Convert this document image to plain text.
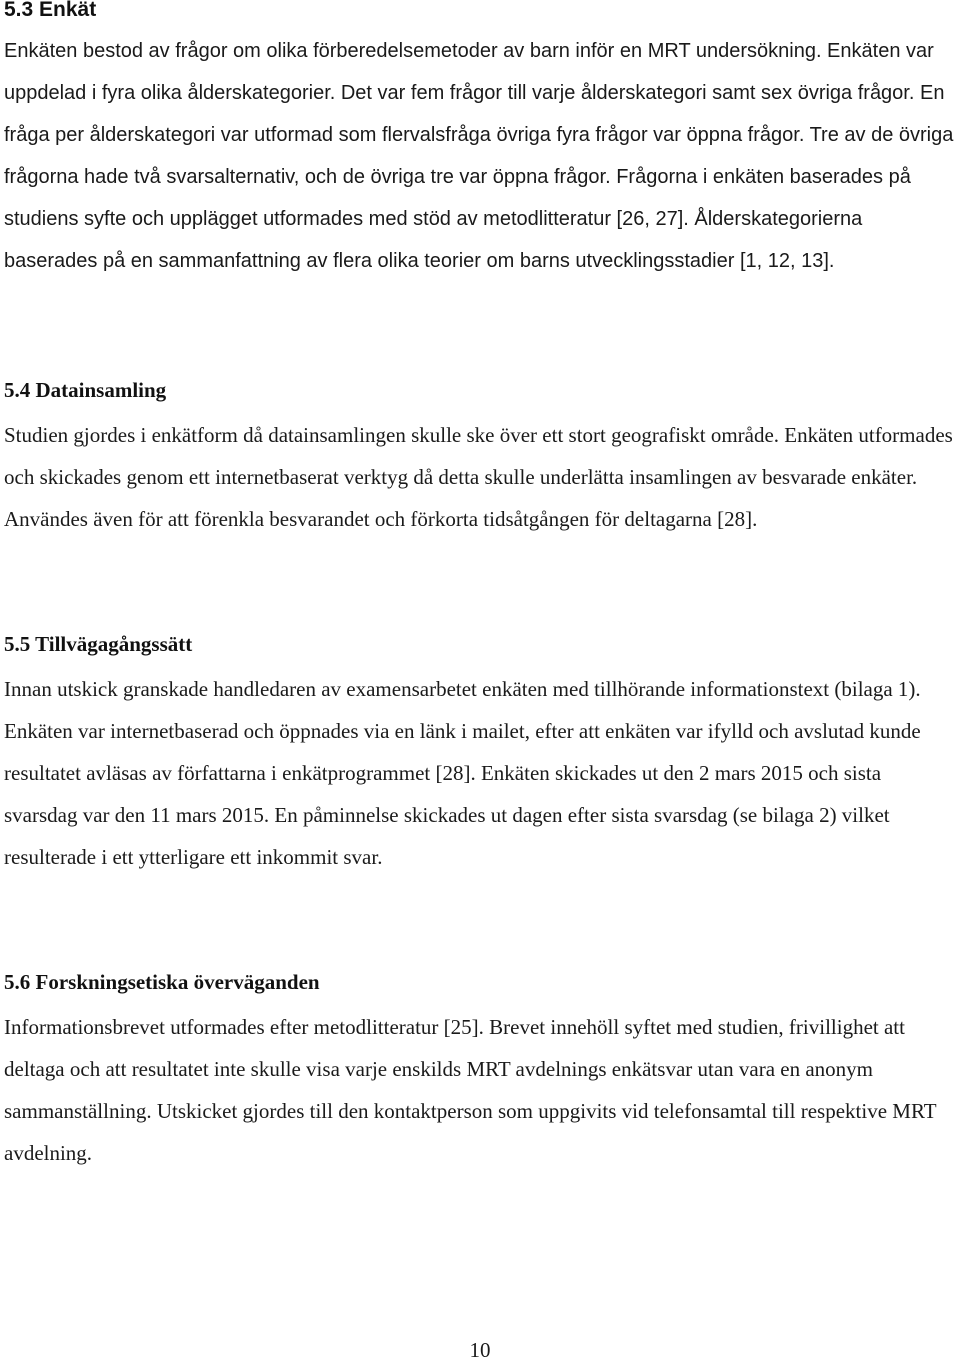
5.3 Enkät

Enkäten bestod av frågor om olika förberedelsemetoder av barn inför en MRT undersökning. Enkäten var uppdelad i fyra olika ålderskategorier. Det var fem frågor till varje ålderskategori samt sex övriga frågor. En fråga per ålderskategori var utformad som flervalsfråga övriga fyra frågor var öppna frågor. Tre av de övriga frågorna hade två svarsalternativ, och de övriga tre var öppna frågor. Frågorna i enkäten baserades på studiens syfte och upplägget utformades med stöd av metodlitteratur [26, 27]. Ålderskategorierna baserades på en sammanfattning av flera olika teorier om barns utvecklingsstadier [1, 12, 13].

5.4 Datainsamling

Studien gjordes i enkätform då datainsamlingen skulle ske över ett stort geografiskt område. Enkäten utformades och skickades genom ett internetbaserat verktyg då detta skulle underlätta insamlingen av besvarade enkäter. Användes även för att förenkla besvarandet och förkorta tidsåtgången för deltagarna [28].

5.5 Tillvägagångssätt

Innan utskick granskade handledaren av examensarbetet enkäten med tillhörande informationstext (bilaga 1). Enkäten var internetbaserad och öppnades via en länk i mailet, efter att enkäten var ifylld och avslutad kunde resultatet avläsas av författarna i enkätprogrammet [28]. Enkäten skickades ut den 2 mars 2015 och sista svarsdag var den 11 mars 2015. En påminnelse skickades ut dagen efter sista svarsdag (se bilaga 2) vilket resulterade i ett ytterligare ett inkommit svar.

5.6 Forskningsetiska överväganden

Informationsbrevet utformades efter metodlitteratur [25]. Brevet innehöll syftet med studien, frivillighet att deltaga och att resultatet inte skulle visa varje enskilds MRT avdelnings enkätsvar utan vara en anonym sammanställning. Utskicket gjordes till den kontaktperson som uppgivits vid telefonsamtal till respektive MRT avdelning.

10
